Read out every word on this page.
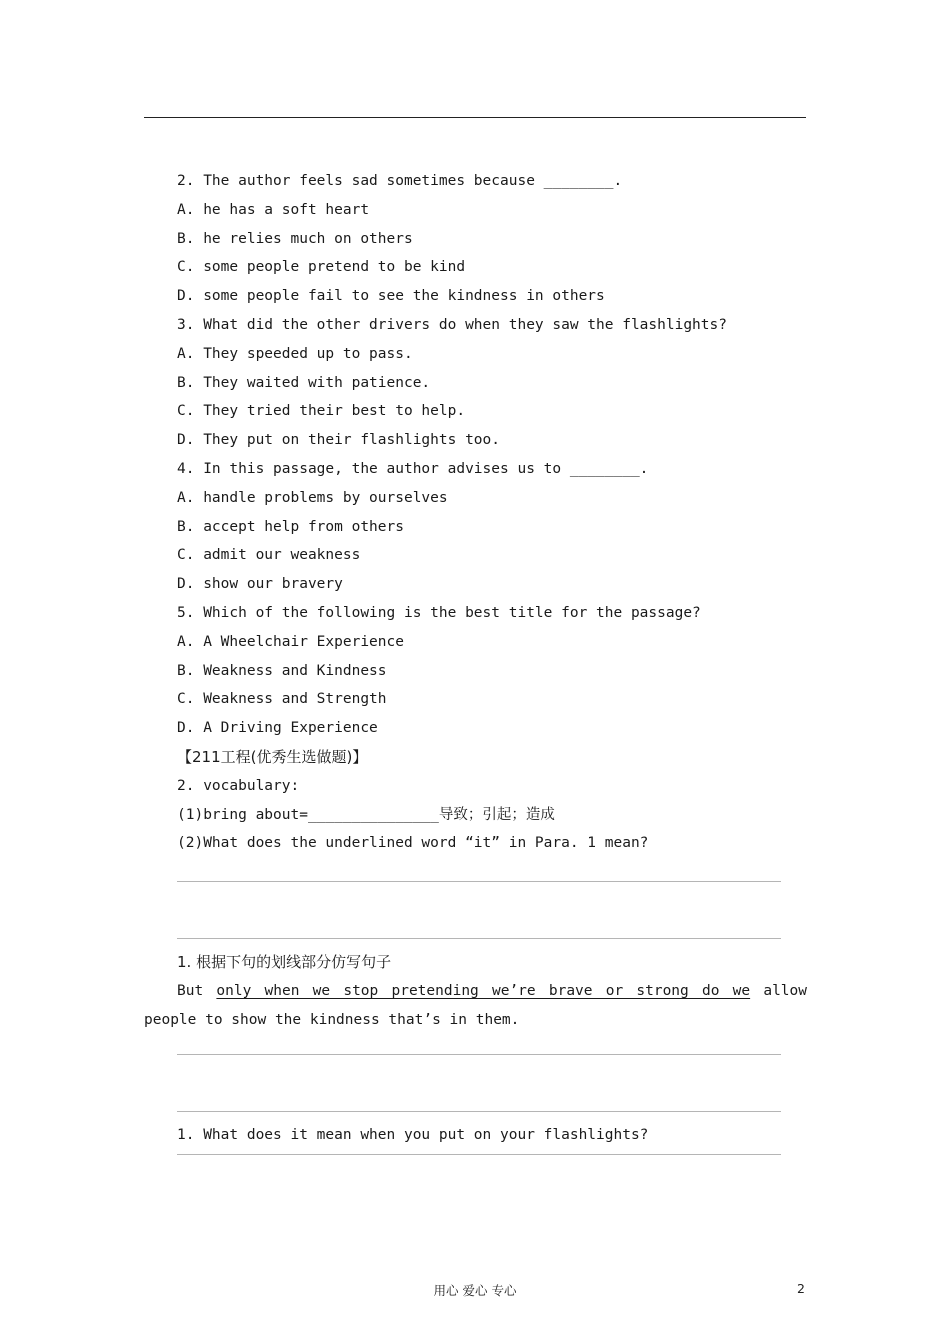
2. The author feels sad sometimes because ________.
A. he has a soft heart
B. he relies much on others
C. some people pretend to be kind
D. some people fail to see the kindness in others
3. What did the other drivers do when they saw the flashlights?
A. They speeded up to pass.
B. They waited with patience.
C. They tried their best to help.
D. They put on their flashlights too.
4. In this passage, the author advises us to ________.
A. handle problems by ourselves
B. accept help from others
C. admit our weakness
D. show our bravery
5. Which of the following is the best title for the passage?
A. A Wheelchair Experience
B. Weakness and Kindness
C. Weakness and Strength
D. A Driving Experience
【211工程(优秀生选做题)】
2. vocabulary:
(1)bring about=_______________导致；引起；造成
(2)What does the underlined word “it” in Para. 1 mean?
1. 根据下句的划线部分仿写句子
But only when we stop pretending we’re brave or strong do we allow people to show the kindness that’s in them.
1. What does it mean when you put on your flashlights?
用心 爱心 专心	2
